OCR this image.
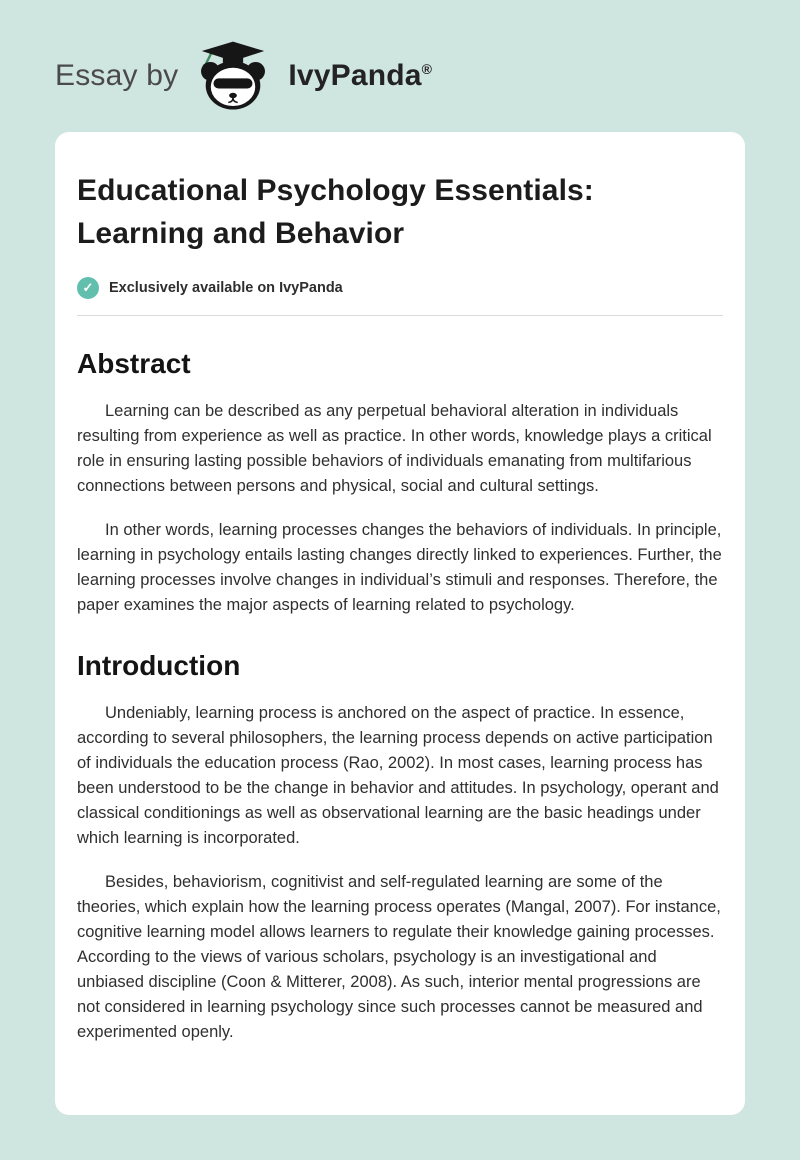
Essay by	IvyPanda®
Educational Psychology Essentials: Learning and Behavior
✓	Exclusively available on IvyPanda
Abstract

Learning can be described as any perpetual behavioral alteration in individuals resulting from experience as well as practice. In other words, knowledge plays a critical role in ensuring lasting possible behaviors of individuals emanating from multifarious connections between persons and physical, social and cultural settings.

In other words, learning processes changes the behaviors of individuals. In principle, learning in psychology entails lasting changes directly linked to experiences. Further, the learning processes involve changes in individual’s stimuli and responses. Therefore, the paper examines the major aspects of learning related to psychology.

Introduction

Undeniably, learning process is anchored on the aspect of practice. In essence, according to several philosophers, the learning process depends on active participation of individuals the education process (Rao, 2002). In most cases, learning process has been understood to be the change in behavior and attitudes. In psychology, operant and classical conditionings as well as observational learning are the basic headings under which learning is incorporated.

Besides, behaviorism, cognitivist and self-regulated learning are some of the theories, which explain how the learning process operates (Mangal, 2007). For instance, cognitive learning model allows learners to regulate their knowledge gaining processes. According to the views of various scholars, psychology is an investigational and unbiased discipline (Coon & Mitterer, 2008). As such, interior mental progressions are not considered in learning psychology since such processes cannot be measured and experimented openly.
